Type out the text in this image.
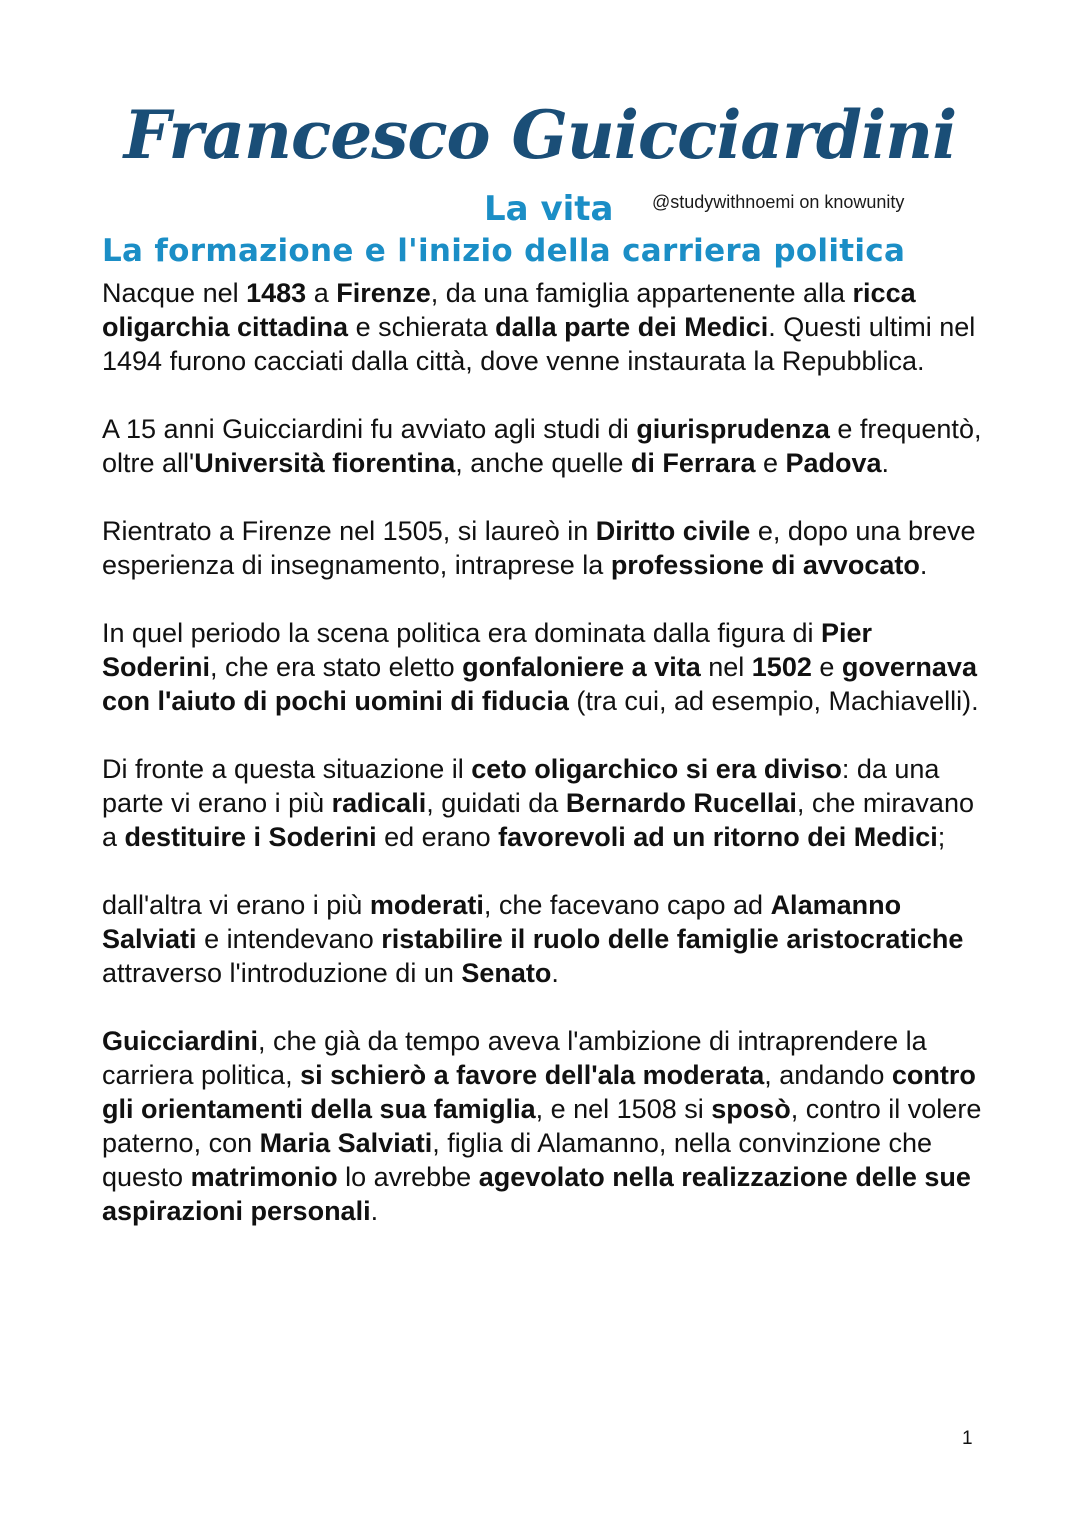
Francesco Guicciardini
La vita @studywithnoemi on knowunity
La formazione e l'inizio della carriera politica

Nacque nel 1483 a Firenze, da una famiglia appartenente alla ricca oligarchia cittadina e schierata dalla parte dei Medici. Questi ultimi nel 1494 furono cacciati dalla città, dove venne instaurata la Repubblica.

A 15 anni Guicciardini fu avviato agli studi di giurisprudenza e frequentò, oltre all'Università fiorentina, anche quelle di Ferrara e Padova.

Rientrato a Firenze nel 1505, si laureò in Diritto civile e, dopo una breve esperienza di insegnamento, intraprese la professione di avvocato.

In quel periodo la scena politica era dominata dalla figura di Pier Soderini, che era stato eletto gonfaloniere a vita nel 1502 e governava con l'aiuto di pochi uomini di fiducia (tra cui, ad esempio, Machiavelli).

Di fronte a questa situazione il ceto oligarchico si era diviso: da una parte vi erano i più radicali, guidati da Bernardo Rucellai, che miravano a destituire i Soderini ed erano favorevoli ad un ritorno dei Medici;

dall'altra vi erano i più moderati, che facevano capo ad Alamanno Salviati e intendevano ristabilire il ruolo delle famiglie aristocratiche attraverso l'introduzione di un Senato.

Guicciardini, che già da tempo aveva l'ambizione di intraprendere la carriera politica, si schierò a favore dell'ala moderata, andando contro gli orientamenti della sua famiglia, e nel 1508 si sposò, contro il volere paterno, con Maria Salviati, figlia di Alamanno, nella convinzione che questo matrimonio lo avrebbe agevolato nella realizzazione delle sue aspirazioni personali.

1
